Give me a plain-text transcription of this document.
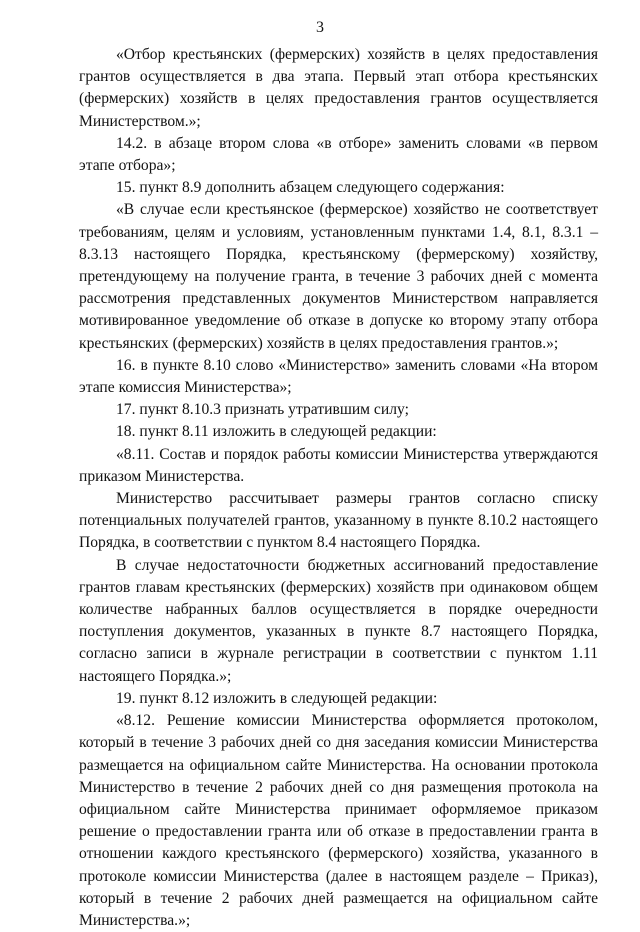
3

«Отбор крестьянских (фермерских) хозяйств в целях предоставления грантов осуществляется в два этапа. Первый этап отбора крестьянских (фермерских) хозяйств в целях предоставления грантов осуществляется Министерством.»;

14.2. в абзаце втором слова «в отборе» заменить словами «в первом этапе отбора»;

15. пункт 8.9 дополнить абзацем следующего содержания:

«В случае если крестьянское (фермерское) хозяйство не соответствует требованиям, целям и условиям, установленным пунктами 1.4, 8.1, 8.3.1 – 8.3.13 настоящего Порядка, крестьянскому (фермерскому) хозяйству, претендующему на получение гранта, в течение 3 рабочих дней с момента рассмотрения представленных документов Министерством направляется мотивированное уведомление об отказе в допуске ко второму этапу отбора крестьянских (фермерских) хозяйств в целях предоставления грантов.»;

16. в пункте 8.10 слово «Министерство» заменить словами «На втором этапе комиссия Министерства»;

17. пункт 8.10.3 признать утратившим силу;

18. пункт 8.11 изложить в следующей редакции:

«8.11. Состав и порядок работы комиссии Министерства утверждаются приказом Министерства.

Министерство рассчитывает размеры грантов согласно списку потенциальных получателей грантов, указанному в пункте 8.10.2 настоящего Порядка, в соответствии с пунктом 8.4 настоящего Порядка.

В случае недостаточности бюджетных ассигнований предоставление грантов главам крестьянских (фермерских) хозяйств при одинаковом общем количестве набранных баллов осуществляется в порядке очередности поступления документов, указанных в пункте 8.7 настоящего Порядка, согласно записи в журнале регистрации в соответствии с пунктом 1.11 настоящего Порядка.»;

19. пункт 8.12 изложить в следующей редакции:

«8.12. Решение комиссии Министерства оформляется протоколом, который в течение 3 рабочих дней со дня заседания комиссии Министерства размещается на официальном сайте Министерства. На основании протокола Министерство в течение 2 рабочих дней со дня размещения протокола на официальном сайте Министерства принимает оформляемое приказом решение о предоставлении гранта или об отказе в предоставлении гранта в отношении каждого крестьянского (фермерского) хозяйства, указанного в протоколе комиссии Министерства (далее в настоящем разделе – Приказ), который в течение 2 рабочих дней размещается на официальном сайте Министерства.»;
